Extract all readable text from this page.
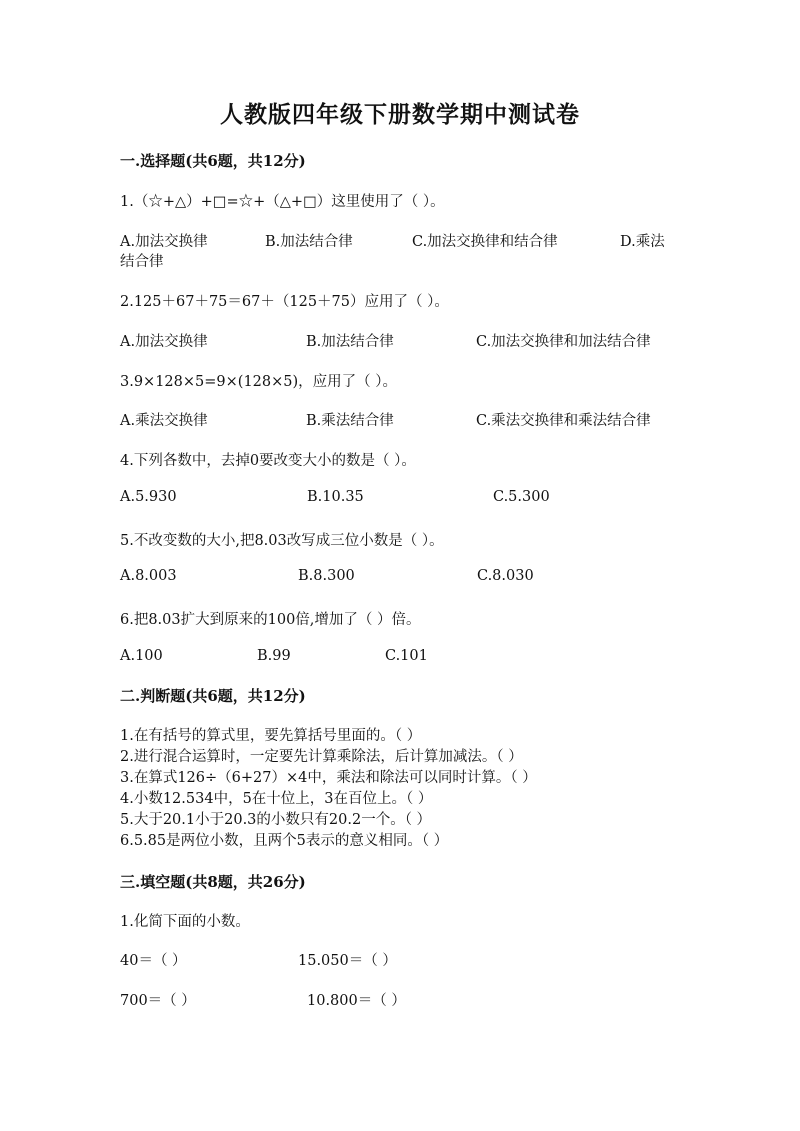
人教版四年级下册数学期中测试卷
一.选择题(共6题，共12分)
1.（☆+△）+□=☆+（△+□）这里使用了（ ）。
A.加法交换律	B.加法结合律	C.加法交换律和结合律	D.乘法
结合律
2.125＋67＋75＝67＋（125＋75）应用了（ ）。
A.加法交换律	B.加法结合律	C.加法交换律和加法结合律
3.9×128×5=9×(128×5)，应用了（ ）。
A.乘法交换律	B.乘法结合律	C.乘法交换律和乘法结合律
4.下列各数中，去掉0要改变大小的数是（ ）。
A.5.930	B.10.35	C.5.300
5.不改变数的大小,把8.03改写成三位小数是（ ）。
A.8.003	B.8.300	C.8.030
6.把8.03扩大到原来的100倍,增加了（ ）倍。
A.100	B.99	C.101
二.判断题(共6题，共12分)
1.在有括号的算式里，要先算括号里面的。（ ）
2.进行混合运算时，一定要先计算乘除法，后计算加减法。（ ）
3.在算式126÷（6+27）×4中，乘法和除法可以同时计算。（ ）
4.小数12.534中，5在十位上，3在百位上。（ ）
5.大于20.1小于20.3的小数只有20.2一个。（ ）
6.5.85是两位小数，且两个5表示的意义相同。（ ）
三.填空题(共8题，共26分)
1.化简下面的小数。
40＝（ ）	15.050＝（ ）
700＝（ ）	10.800＝（ ）
